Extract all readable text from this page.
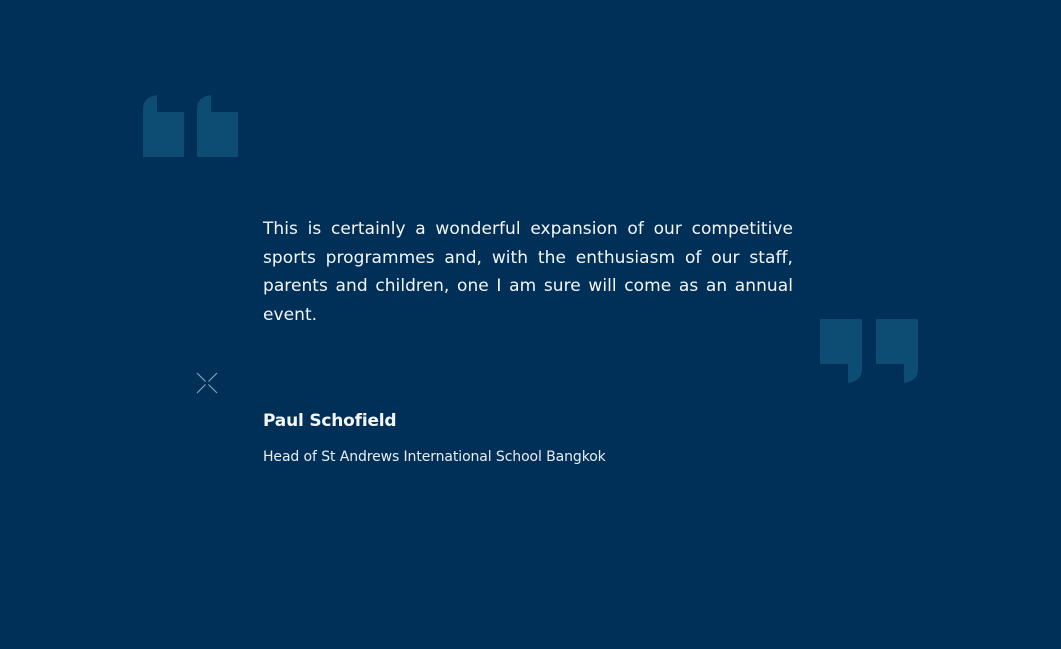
This is certainly a wonderful expansion of our competitive sports programmes and, with the enthusiasm of our staff, parents and children, one I am sure will come as an annual event.

Paul Schofield
Head of St Andrews International School Bangkok
